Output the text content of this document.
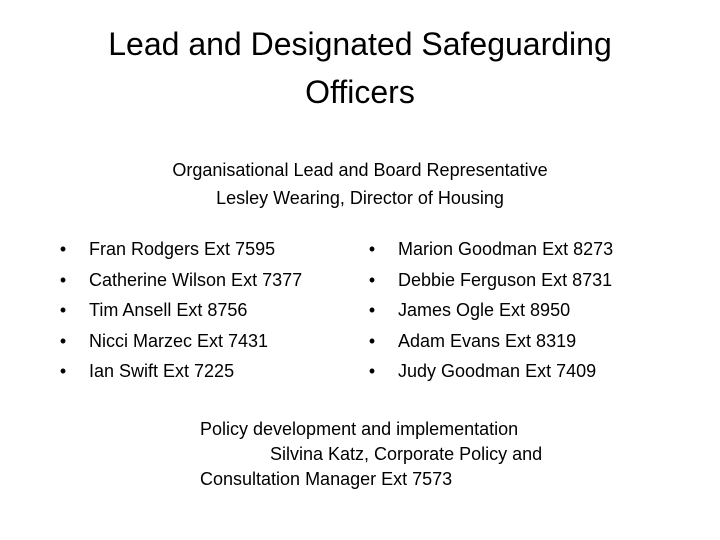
Lead and Designated Safeguarding
Officers
Organisational Lead and Board Representative
Lesley Wearing, Director of Housing
• Fran Rodgers Ext 7595
• Catherine Wilson Ext 7377
• Tim Ansell Ext 8756
• Nicci Marzec Ext 7431
• Ian Swift Ext 7225
• Marion Goodman Ext 8273
• Debbie Ferguson Ext 8731
• James Ogle Ext 8950
• Adam Evans Ext 8319
• Judy Goodman Ext 7409
Policy development and implementation
Silvina Katz, Corporate Policy and
Consultation Manager Ext 7573
